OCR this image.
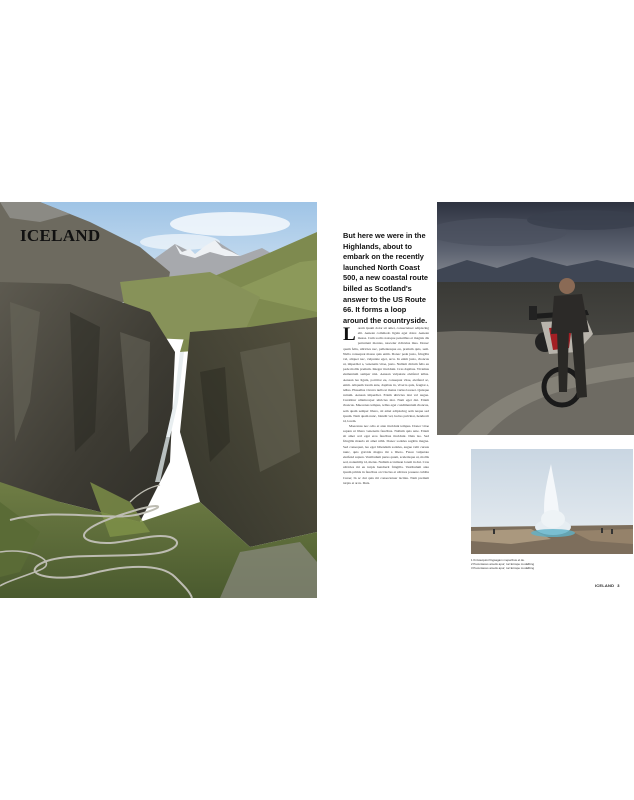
ICELAND	But here we were in the Highlands, about to embark on the recently launched North Coast 500, a new coastal route billed as Scotland's answer to the US Route 66. It forms a loop around the countryside.

Lorem ipsum dolor sit amet, consectetuer adipiscing elit. Aenean commodo ligula eget dolor. Aenean massa. Cum sociis natoque penatibus et magnis dis parturient montes, nascetur ridiculus mus. Donec quam felis, ultricies nec, pellentesque eu, pretium quis, sem. Nulla consequat massa quis enim. Donec pede justo, fringilla vel, aliquet nec, vulputate eget, arcu. In enim justo, rhoncus ut, imperdiet a, venenatis vitae, justo. Nullam dictum felis eu pede mollis pretium. Integer tincidunt. Cras dapibus. Vivamus elementum semper nisi. Aenean vulputate eleifend tellus. Aenean leo ligula, porttitor eu, consequat vitae, eleifend ac, enim. Aliquam lorem ante, dapibus in, viverra quis, feugiat a, tellus. Phasellus viverra nulla ut metus varius laoreet. Quisque rutrum. Aenean imperdiet. Etiam ultricies nisi vel augue. Curabitur ullamcorper ultricies nisi. Nam eget dui. Etiam rhoncus. Maecenas tempus, tellus eget condimentum rhoncus, sem quam semper libero, sit amet adipiscing sem neque sed ipsum. Nam quam nunc, blandit vel, luctus pulvinar, hendrerit id, lorem.

Maecenas nec odio et ante tincidunt tempus. Donec vitae sapien ut libero venenatis faucibus. Nullam quis ante. Etiam sit amet orci eget eros faucibus tincidunt. Duis leo. Sed fringilla mauris sit amet nibh. Donec sodales sagittis magna. Sed consequat, leo eget bibendum sodales, augue velit cursus nunc, quis gravida magna mi a libero. Fusce vulputate eleifend sapien. Vestibulum purus quam, scelerisque ut, mollis sed, nonummy id, metus. Nullam accumsan lorem in dui. Cras ultricies mi eu turpis hendrerit fringilla. Vestibulum ante ipsum primis in faucibus orci luctus et ultrices posuere cubilia Curae; In ac dui quis mi consectetuer lacinia. Nam pretium turpis et arcu. Duis.

1 Ibi Havquist fingsagam meperibus el de.
2 Pecuntaces ametis apur; tuc Enrape modalbing
3 Pecuntaces ametis apur; tuc Enrape modalbing
ICELAND 3
